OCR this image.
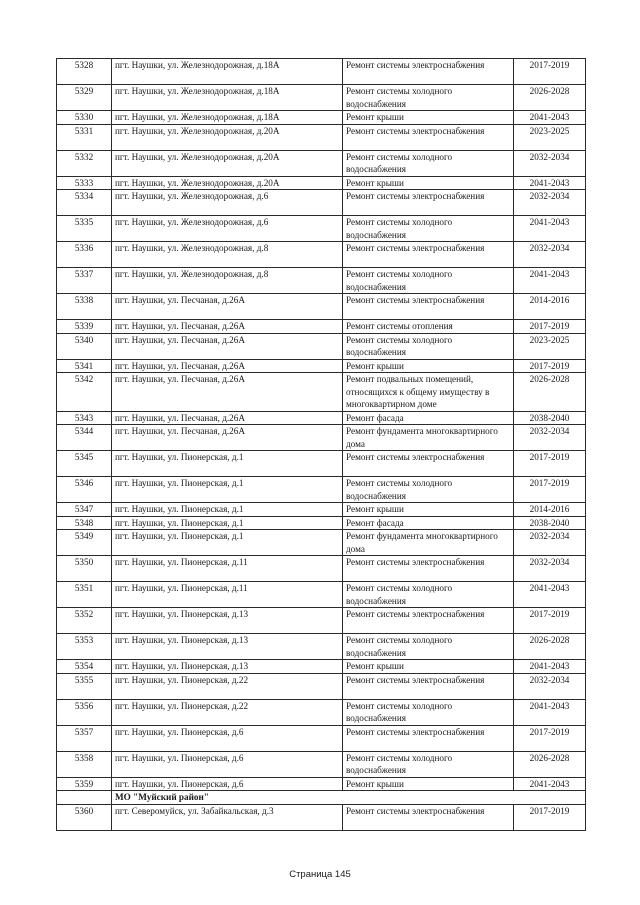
5328	пгт. Наушки, ул. Железнодорожная, д.18А	Ремонт системы электроснабжения	2017-2019
5329	пгт. Наушки, ул. Железнодорожная, д.18А	Ремонт системы холодного водоснабжения	2026-2028
5330	пгт. Наушки, ул. Железнодорожная, д.18А	Ремонт крыши	2041-2043
5331	пгт. Наушки, ул. Железнодорожная, д.20А	Ремонт системы электроснабжения	2023-2025
5332	пгт. Наушки, ул. Железнодорожная, д.20А	Ремонт системы холодного водоснабжения	2032-2034
5333	пгт. Наушки, ул. Железнодорожная, д.20А	Ремонт крыши	2041-2043
5334	пгт. Наушки, ул. Железнодорожная, д.6	Ремонт системы электроснабжения	2032-2034
5335	пгт. Наушки, ул. Железнодорожная, д.6	Ремонт системы холодного водоснабжения	2041-2043
5336	пгт. Наушки, ул. Железнодорожная, д.8	Ремонт системы электроснабжения	2032-2034
5337	пгт. Наушки, ул. Железнодорожная, д.8	Ремонт системы холодного водоснабжения	2041-2043
5338	пгт. Наушки, ул. Песчаная, д.26А	Ремонт системы электроснабжения	2014-2016
5339	пгт. Наушки, ул. Песчаная, д.26А	Ремонт системы отопления	2017-2019
5340	пгт. Наушки, ул. Песчаная, д.26А	Ремонт системы холодного водоснабжения	2023-2025
5341	пгт. Наушки, ул. Песчаная, д.26А	Ремонт крыши	2017-2019
5342	пгт. Наушки, ул. Песчаная, д.26А	Ремонт подвальных помещений, относящихся к общему имуществу в многоквартирном доме	2026-2028
5343	пгт. Наушки, ул. Песчаная, д.26А	Ремонт фасада	2038-2040
5344	пгт. Наушки, ул. Песчаная, д.26А	Ремонт фундамента многоквартирного дома	2032-2034
5345	пгт. Наушки, ул. Пионерская, д.1	Ремонт системы электроснабжения	2017-2019
5346	пгт. Наушки, ул. Пионерская, д.1	Ремонт системы холодного водоснабжения	2017-2019
5347	пгт. Наушки, ул. Пионерская, д.1	Ремонт крыши	2014-2016
5348	пгт. Наушки, ул. Пионерская, д.1	Ремонт фасада	2038-2040
5349	пгт. Наушки, ул. Пионерская, д.1	Ремонт фундамента многоквартирного дома	2032-2034
5350	пгт. Наушки, ул. Пионерская, д.11	Ремонт системы электроснабжения	2032-2034
5351	пгт. Наушки, ул. Пионерская, д.11	Ремонт системы холодного водоснабжения	2041-2043
5352	пгт. Наушки, ул. Пионерская, д.13	Ремонт системы электроснабжения	2017-2019
5353	пгт. Наушки, ул. Пионерская, д.13	Ремонт системы холодного водоснабжения	2026-2028
5354	пгт. Наушки, ул. Пионерская, д.13	Ремонт крыши	2041-2043
5355	пгт. Наушки, ул. Пионерская, д.22	Ремонт системы электроснабжения	2032-2034
5356	пгт. Наушки, ул. Пионерская, д.22	Ремонт системы холодного водоснабжения	2041-2043
5357	пгт. Наушки, ул. Пионерская, д.6	Ремонт системы электроснабжения	2017-2019
5358	пгт. Наушки, ул. Пионерская, д.6	Ремонт системы холодного водоснабжения	2026-2028
5359	пгт. Наушки, ул. Пионерская, д.6	Ремонт крыши	2041-2043
	МО "Муйский район"		
5360	пгт. Северомуйск, ул. Забайкальская, д.3	Ремонт системы электроснабжения	2017-2019
Страница 145
